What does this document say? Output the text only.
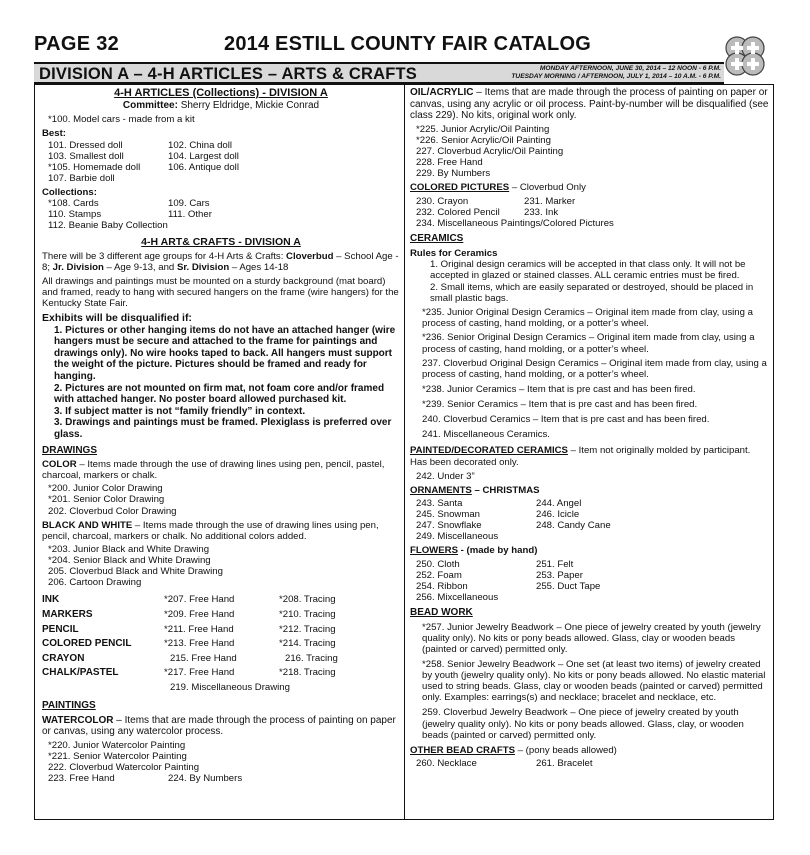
PAGE 32	2014 ESTILL COUNTY FAIR CATALOG
DIVISION A – 4-H ARTICLES – ARTS & CRAFTS	MONDAY AFTERNOON, JUNE 30, 2014 – 12 NOON - 6 P.M.
TUESDAY MORNING / AFTERNOON, JULY 1, 2014 – 10 A.M. - 6 P.M.
4-H ARTICLES (Collections) - DIVISION A
Committee: Sherry Eldridge, Mickie Conrad
*100. Model cars - made from a kit
Best:
101. Dressed doll	102. China doll
103. Smallest doll	104. Largest doll
*105. Homemade doll	106. Antique doll
107. Barbie doll
Collections:
*108. Cards	109. Cars
110. Stamps	111. Other
112. Beanie Baby Collection
4-H ART& CRAFTS - DIVISION A
There will be 3 different age groups for 4-H Arts & Crafts: Cloverbud – School Age - 8; Jr. Division – Age 9-13, and Sr. Division – Ages 14-18
All drawings and paintings must be mounted on a sturdy background (mat board) and framed, ready to hang with secured hangers on the frame (wire hangers) for the Kentucky State Fair.
Exhibits will be disqualified if:
1. Pictures or other hanging items do not have an attached hanger (wire hangers must be secure and attached to the frame for paintings and drawings only). No wire hooks taped to back. All hangers must support the weight of the picture. Pictures should be framed and ready for hanging.
2. Pictures are not mounted on firm mat, not foam core and/or framed with attached hanger. No poster board allowed purchased kit.
3. If subject matter is not “family friendly” in context.
3. Drawings and paintings must be framed. Plexiglass is preferred over glass.
DRAWINGS
COLOR – Items made through the use of drawing lines using pen, pencil, pastel, charcoal, markers or chalk.
*200. Junior Color Drawing
*201. Senior Color Drawing
202. Cloverbud Color Drawing
BLACK AND WHITE – Items made through the use of drawing lines using pen, pencil, charcoal, markers or chalk. No additional colors added.
*203. Junior Black and White Drawing
*204. Senior Black and White Drawing
205. Cloverbud Black and White Drawing
206. Cartoon Drawing
INK	*207. Free Hand	*208. Tracing
MARKERS	*209. Free Hand	*210. Tracing
PENCIL	*211. Free Hand	*212. Tracing
COLORED PENCIL	*213. Free Hand	*214. Tracing
CRAYON	215. Free Hand	216. Tracing
CHALK/PASTEL	*217. Free Hand	*218. Tracing
219. Miscellaneous Drawing
PAINTINGS
WATERCOLOR – Items that are made through the process of painting on paper or canvas, using any watercolor process.
*220. Junior Watercolor Painting
*221. Senior Watercolor Painting
222. Cloverbud Watercolor Painting
223. Free Hand	224. By Numbers
OIL/ACRYLIC – Items that are made through the process of painting on paper or canvas, using any acrylic or oil process. Paint-by-number will be disqualified (see class 229). No kits, original work only.
*225. Junior Acrylic/Oil Painting
*226. Senior Acrylic/Oil Painting
227. Cloverbud Acrylic/Oil Painting
228. Free Hand
229. By Numbers
COLORED PICTURES – Cloverbud Only
230. Crayon	231. Marker
232. Colored Pencil	233. Ink
234. Miscellaneous Paintings/Colored Pictures
CERAMICS
Rules for Ceramics
1. Original design ceramics will be accepted in that class only. It will not be accepted in glazed or stained classes. ALL ceramic entries must be fired.
2. Small items, which are easily separated or destroyed, should be placed in small plastic bags.
*235. Junior Original Design Ceramics – Original item made from clay, using a process of casting, hand molding, or a potter’s wheel.
*236. Senior Original Design Ceramics – Original item made from clay, using a process of casting, hand molding, or a potter’s wheel.
237. Cloverbud Original Design Ceramics – Original item made from clay, using a process of casting, hand molding, or a potter’s wheel.
*238. Junior Ceramics – Item that is pre cast and has been fired.
*239. Senior Ceramics – Item that is pre cast and has been fired.
240. Cloverbud Ceramics – Item that is pre cast and has been fired.
241. Miscellaneous Ceramics.
PAINTED/DECORATED CERAMICS – Item not originally molded by participant. Has been decorated only.
242. Under 3”
ORNAMENTS – CHRISTMAS
243. Santa	244. Angel
245. Snowman	246. Icicle
247. Snowflake	248. Candy Cane
249. Miscellaneous
FLOWERS - (made by hand)
250. Cloth	251. Felt
252. Foam	253. Paper
254. Ribbon	255. Duct Tape
256. Mixcellaneous
BEAD WORK
*257. Junior Jewelry Beadwork – One piece of jewelry created by youth (jewelry quality only). No kits or pony beads allowed. Glass, clay or wooden beads (painted or carved) permitted only.
*258. Senior Jewelry Beadwork – One set (at least two items) of jewelry created by youth (jewelry quality only). No kits or pony beads allowed. No elastic material used to string beads. Glass, clay or wooden beads (painted or carved) permitted only. Examples: earrings(s) and necklace; bracelet and necklace, etc.
259. Cloverbud Jewelry Beadwork – One piece of jewelry created by youth (jewelry quality only). No kits or pony beads allowed. Glass, clay, or wooden beads (painted or carved) permitted only.
OTHER BEAD CRAFTS – (pony beads allowed)
260. Necklace	261. Bracelet
